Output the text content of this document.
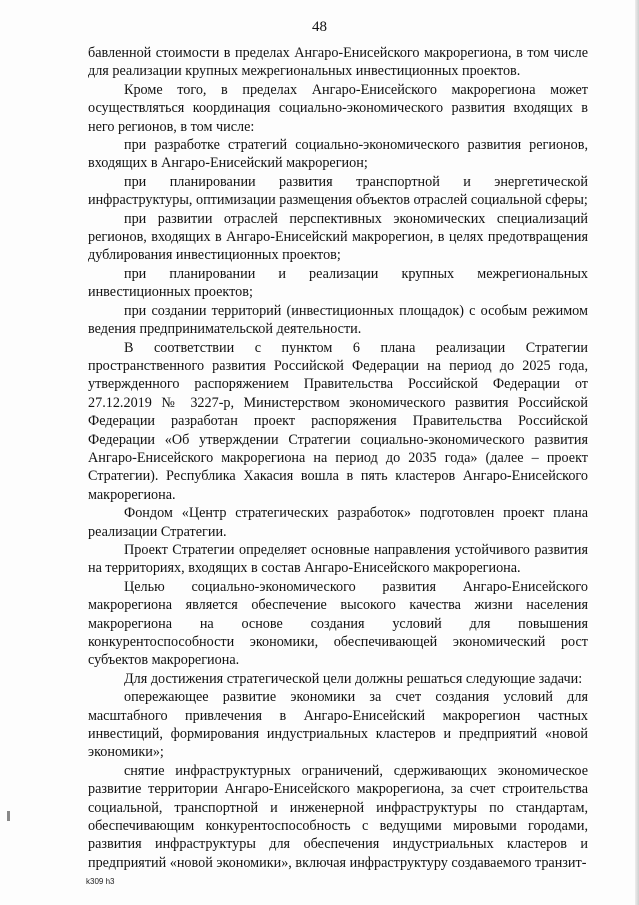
48

бавленной стоимости в пределах Ангаро-Енисейского макрорегиона, в том числе для реализации крупных межрегиональных инвестиционных проектов.

Кроме того, в пределах Ангаро-Енисейского макрорегиона может осуществляться координация социально-экономического развития входящих в него регионов, в том числе:

при разработке стратегий социально-экономического развития регионов, входящих в Ангаро-Енисейский макрорегион;

при планировании развития транспортной и энергетической инфраструктуры, оптимизации размещения объектов отраслей социальной сферы;

при развитии отраслей перспективных экономических специализаций регионов, входящих в Ангаро-Енисейский макрорегион, в целях предотвращения дублирования инвестиционных проектов;

при планировании и реализации крупных межрегиональных инвестиционных проектов;

при создании территорий (инвестиционных площадок) с особым режимом ведения предпринимательской деятельности.

В соответствии с пунктом 6 плана реализации Стратегии пространственного развития Российской Федерации на период до 2025 года, утвержденного распоряжением Правительства Российской Федерации от 27.12.2019 № 3227-р, Министерством экономического развития Российской Федерации разработан проект распоряжения Правительства Российской Федерации «Об утверждении Стратегии социально-экономического развития Ангаро-Енисейского макрорегиона на период до 2035 года» (далее – проект Стратегии). Республика Хакасия вошла в пять кластеров Ангаро-Енисейского макрорегиона.

Фондом «Центр стратегических разработок» подготовлен проект плана реализации Стратегии.

Проект Стратегии определяет основные направления устойчивого развития на территориях, входящих в состав Ангаро-Енисейского макрорегиона.

Целью социально-экономического развития Ангаро-Енисейского макрорегиона является обеспечение высокого качества жизни населения макрорегиона на основе создания условий для повышения конкурентоспособности экономики, обеспечивающей экономический рост субъектов макрорегиона.

Для достижения стратегической цели должны решаться следующие задачи:

опережающее развитие экономики за счет создания условий для масштабного привлечения в Ангаро-Енисейский макрорегион частных инвестиций, формирования индустриальных кластеров и предприятий «новой экономики»;

снятие инфраструктурных ограничений, сдерживающих экономическое развитие территории Ангаро-Енисейского макрорегиона, за счет строительства социальной, транспортной и инженерной инфраструктуры по стандартам, обеспечивающим конкурентоспособность с ведущими мировыми городами, развития инфраструктуры для обеспечения индустриальных кластеров и предприятий «новой экономики», включая инфраструктуру создаваемого транзит-

k309 h3
